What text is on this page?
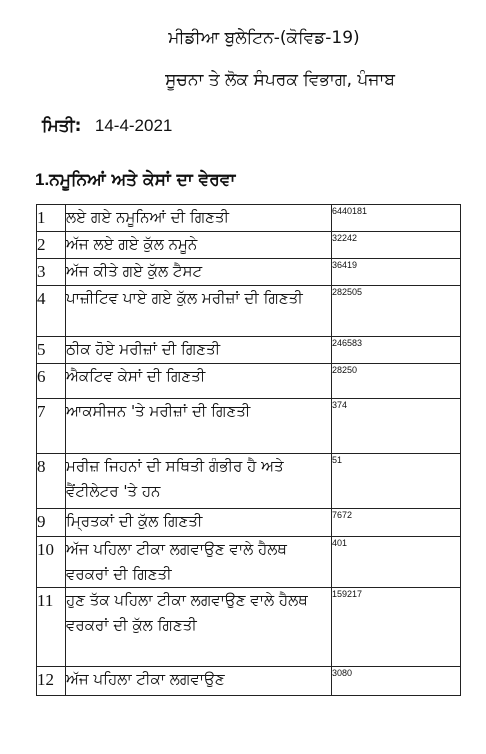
ਮੀਡੀਆ ਬੁਲੇਟਿਨ-(ਕੋਵਿਡ-19)
ਸੂਚਨਾ ਤੇ ਲੋਕ ਸੰਪਰਕ ਵਿਭਾਗ, ਪੰਜਾਬ
ਮਿਤੀ: 14-4-2021
1.ਨਮੂਨਿਆਂ ਅਤੇ ਕੇਸਾਂ ਦਾ ਵੇਰਵਾ
1	ਲਏ ਗਏ ਨਮੂਨਿਆਂ ਦੀ ਗਿਣਤੀ	6440181
2	ਅੱਜ ਲਏ ਗਏ ਕੁੱਲ ਨਮੂਨੇ	32242
3	ਅੱਜ ਕੀਤੇ ਗਏ ਕੁੱਲ ਟੈਸਟ	36419
4	ਪਾਜ਼ੀਟਿਵ ਪਾਏ ਗਏ ਕੁੱਲ ਮਰੀਜ਼ਾਂ ਦੀ ਗਿਣਤੀ	282505
5	ਠੀਕ ਹੋਏ ਮਰੀਜ਼ਾਂ ਦੀ ਗਿਣਤੀ	246583
6	ਐਕਟਿਵ ਕੇਸਾਂ ਦੀ ਗਿਣਤੀ	28250
7	ਆਕਸੀਜਨ 'ਤੇ ਮਰੀਜ਼ਾਂ ਦੀ ਗਿਣਤੀ	374
8	ਮਰੀਜ਼ ਜਿਹਨਾਂ ਦੀ ਸਥਿਤੀ ਗੰਭੀਰ ਹੈ ਅਤੇ ਵੈਂਟੀਲੇਟਰ 'ਤੇ ਹਨ	51
9	ਮ੍ਰਿਤਕਾਂ ਦੀ ਕੁੱਲ ਗਿਣਤੀ	7672
10	ਅੱਜ ਪਹਿਲਾ ਟੀਕਾ ਲਗਵਾਉਣ ਵਾਲੇ ਹੈਲਥ ਵਰਕਰਾਂ ਦੀ ਗਿਣਤੀ	401
11	ਹੁਣ ਤੱਕ ਪਹਿਲਾ ਟੀਕਾ ਲਗਵਾਉਣ ਵਾਲੇ ਹੈਲਥ ਵਰਕਰਾਂ ਦੀ ਕੁੱਲ ਗਿਣਤੀ	159217
12	ਅੱਜ ਪਹਿਲਾ ਟੀਕਾ ਲਗਵਾਉਣ	3080
